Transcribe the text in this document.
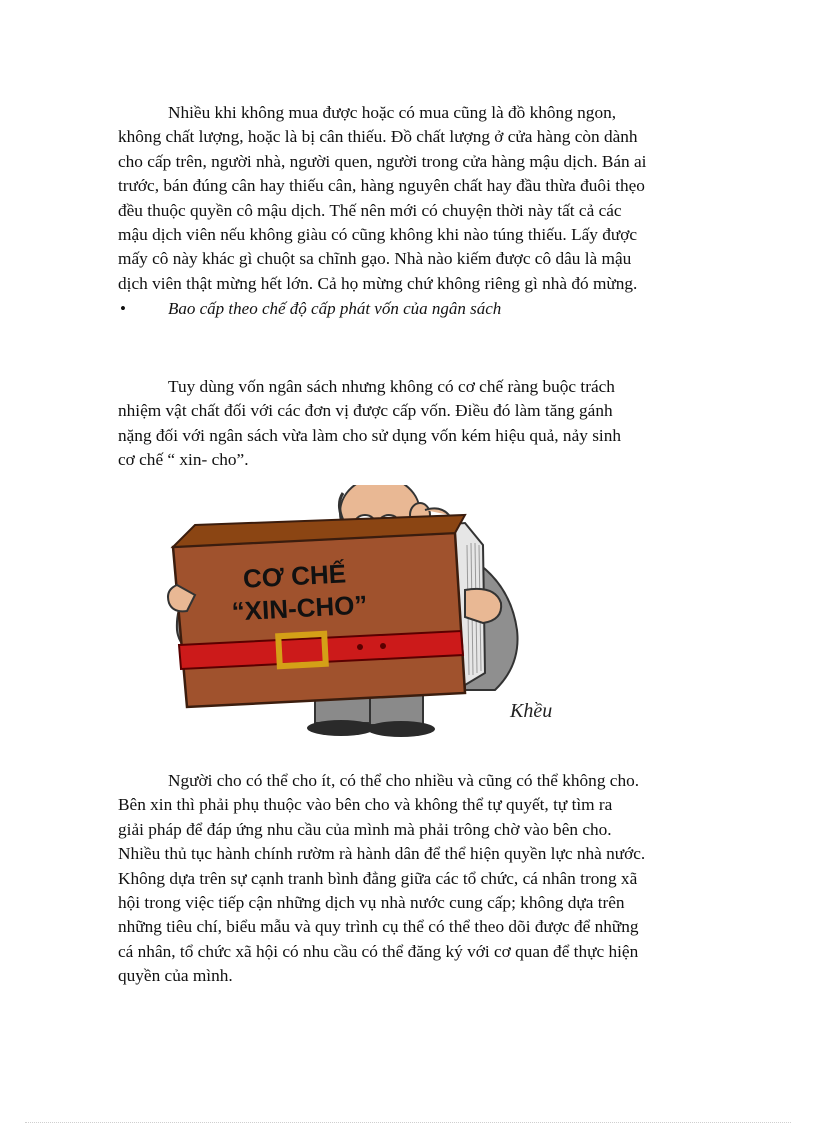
Nhiều khi không mua được hoặc có mua cũng là đồ không ngon,
không chất lượng, hoặc là bị cân thiếu. Đồ chất lượng ở cửa hàng còn dành
cho cấp trên, người nhà, người quen, người trong cửa hàng mậu dịch. Bán ai
trước, bán đúng cân hay thiếu cân, hàng nguyên chất hay đầu thừa đuôi thẹo
đều thuộc quyền cô mậu dịch. Thế nên mới có chuyện thời này tất cả các
mậu dịch viên nếu không giàu có cũng không khi nào túng thiếu. Lấy được
mấy cô này khác gì chuột sa chĩnh gạo. Nhà nào kiếm được cô dâu là mậu
dịch viên thật mừng hết lớn. Cả họ mừng chứ không riêng gì nhà đó mừng.
• Bao cấp theo chế độ cấp phát vốn của ngân sách
Tuy dùng vốn ngân sách nhưng không có cơ chế ràng buộc trách
nhiệm vật chất đối với các đơn vị được cấp vốn. Điều đó làm tăng gánh
nặng đối với ngân sách vừa làm cho sử dụng vốn kém hiệu quả, nảy sinh
cơ chế “ xin- cho”.
CƠ CHẾ
“XIN-CHO”
Khều
Người cho có thể cho ít, có thể cho nhiều và cũng có thể không cho.
Bên xin thì phải phụ thuộc vào bên cho và không thể tự quyết, tự tìm ra
giải pháp để đáp ứng nhu cầu của mình mà phải trông chờ vào bên cho.
Nhiều thủ tục hành chính rườm rà hành dân để thể hiện quyền lực nhà nước.
Không dựa trên sự cạnh tranh bình đẳng giữa các tổ chức, cá nhân trong xã
hội trong việc tiếp cận những dịch vụ nhà nước cung cấp; không dựa trên
những tiêu chí, biểu mẫu và quy trình cụ thể có thể theo dõi được để những
cá nhân, tổ chức xã hội có nhu cầu có thể đăng ký với cơ quan để thực hiện
quyền của mình.
